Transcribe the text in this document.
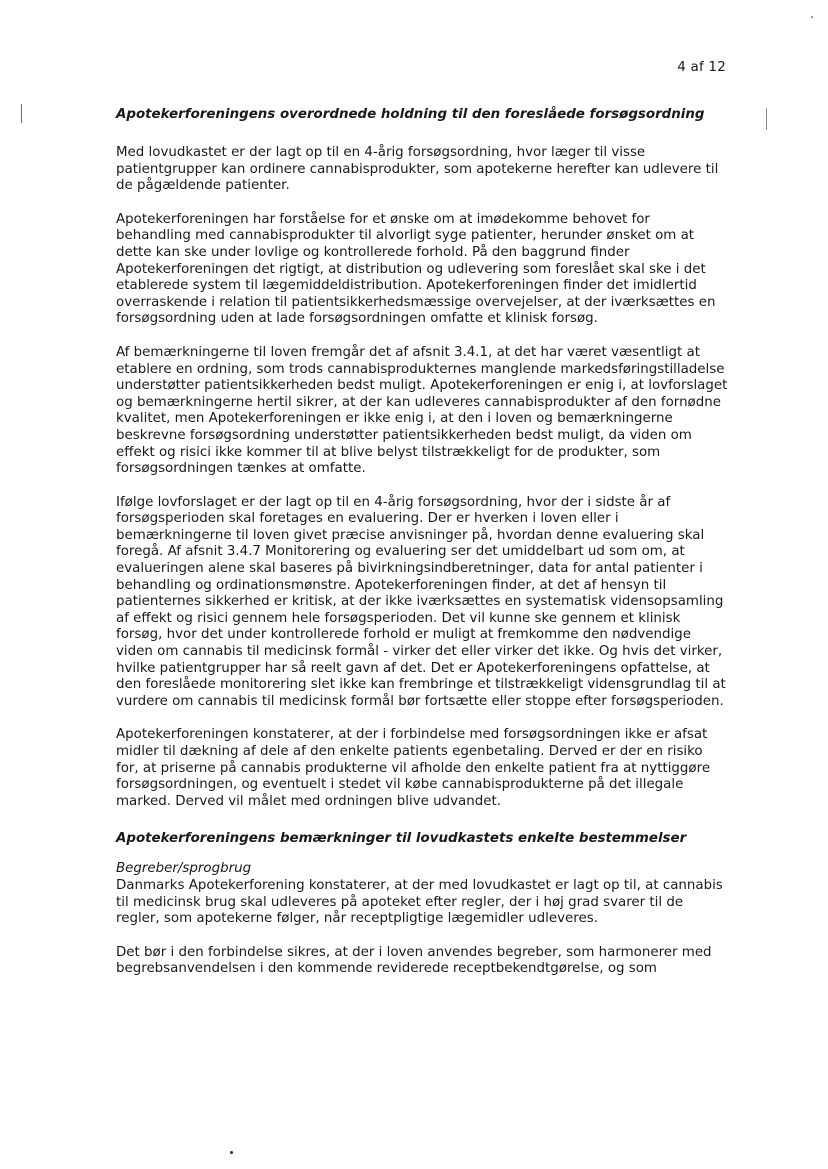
4 af 12

Apotekerforeningens overordnede holdning til den foreslåede forsøgsordning

Med lovudkastet er der lagt op til en 4-årig forsøgsordning, hvor læger til visse patientgrupper kan ordinere cannabisprodukter, som apotekerne herefter kan udlevere til de pågældende patienter.

Apotekerforeningen har forståelse for et ønske om at imødekomme behovet for behandling med cannabisprodukter til alvorligt syge patienter, herunder ønsket om at dette kan ske under lovlige og kontrollerede forhold. På den baggrund finder Apotekerforeningen det rigtigt, at distribution og udlevering som foreslået skal ske i det etablerede system til lægemiddeldistribution. Apotekerforeningen finder det imidlertid overraskende i relation til patientsikkerhedsmæssige overvejelser, at der iværksættes en forsøgsordning uden at lade forsøgsordningen omfatte et klinisk forsøg.

Af bemærkningerne til loven fremgår det af afsnit 3.4.1, at det har været væsentligt at etablere en ordning, som trods cannabisprodukternes manglende markedsføringstilladelse understøtter patientsikkerheden bedst muligt. Apotekerforeningen er enig i, at lovforslaget og bemærkningerne hertil sikrer, at der kan udleveres cannabisprodukter af den fornødne kvalitet, men Apotekerforeningen er ikke enig i, at den i loven og bemærkningerne beskrevne forsøgsordning understøtter patientsikkerheden bedst muligt, da viden om effekt og risici ikke kommer til at blive belyst tilstrækkeligt for de produkter, som forsøgsordningen tænkes at omfatte.

Ifølge lovforslaget er der lagt op til en 4-årig forsøgsordning, hvor der i sidste år af forsøgsperioden skal foretages en evaluering. Der er hverken i loven eller i bemærkningerne til loven givet præcise anvisninger på, hvordan denne evaluering skal foregå. Af afsnit 3.4.7 Monitorering og evaluering ser det umiddelbart ud som om, at evalueringen alene skal baseres på bivirkningsindberetninger, data for antal patienter i behandling og ordinationsmønstre. Apotekerforeningen finder, at det af hensyn til patienternes sikkerhed er kritisk, at der ikke iværksættes en systematisk vidensopsamling af effekt og risici gennem hele forsøgsperioden. Det vil kunne ske gennem et klinisk forsøg, hvor det under kontrollerede forhold er muligt at fremkomme den nødvendige viden om cannabis til medicinsk formål - virker det eller virker det ikke. Og hvis det virker, hvilke patientgrupper har så reelt gavn af det. Det er Apotekerforeningens opfattelse, at den foreslåede monitorering slet ikke kan frembringe et tilstrækkeligt vidensgrundlag til at vurdere om cannabis til medicinsk formål bør fortsætte eller stoppe efter forsøgsperioden.

Apotekerforeningen konstaterer, at der i forbindelse med forsøgsordningen ikke er afsat midler til dækning af dele af den enkelte patients egenbetaling. Derved er der en risiko for, at priserne på cannabis produkterne vil afholde den enkelte patient fra at nyttiggøre forsøgsordningen, og eventuelt i stedet vil købe cannabisprodukterne på det illegale marked. Derved vil målet med ordningen blive udvandet.

Apotekerforeningens bemærkninger til lovudkastets enkelte bestemmelser

Begreber/sprogbrug

Danmarks Apotekerforening konstaterer, at der med lovudkastet er lagt op til, at cannabis til medicinsk brug skal udleveres på apoteket efter regler, der i høj grad svarer til de regler, som apotekerne følger, når receptpligtige lægemidler udleveres.

Det bør i den forbindelse sikres, at der i loven anvendes begreber, som harmonerer med begrebsanvendelsen i den kommende reviderede receptbekendtgørelse, og som
